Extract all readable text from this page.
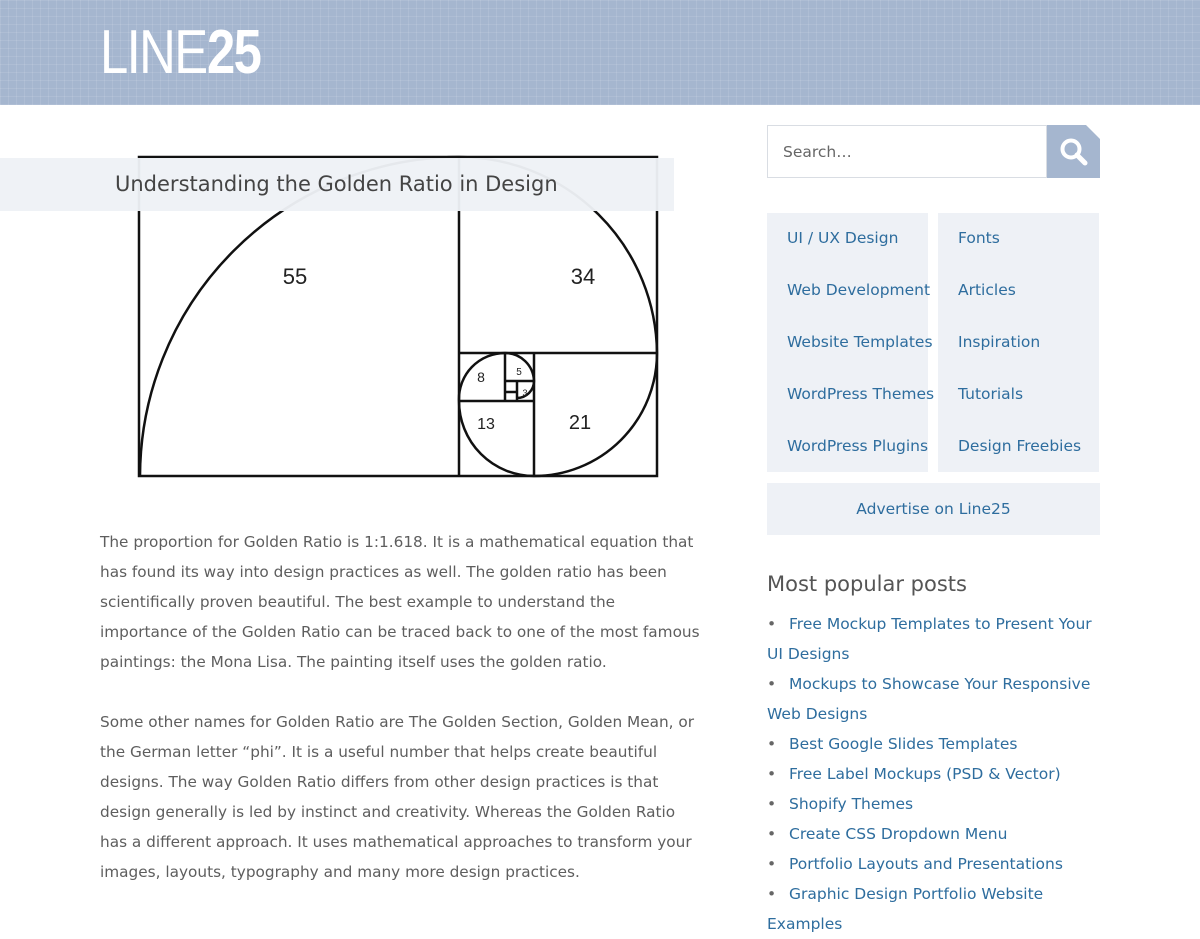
LINE25
55	34
21
13
8	5
3
Understanding the Golden Ratio in Design

The proportion for Golden Ratio is 1:1.618. It is a mathematical equation that has found its way into design practices as well. The golden ratio has been scientifically proven beautiful. The best example to understand the importance of the Golden Ratio can be traced back to one of the most famous paintings: the Mona Lisa. The painting itself uses the golden ratio.

Some other names for Golden Ratio are The Golden Section, Golden Mean, or the German letter “phi”. It is a useful number that helps create beautiful designs. The way Golden Ratio differs from other design practices is that design generally is led by instinct and creativity. Whereas the Golden Ratio has a different approach. It uses mathematical approaches to transform your images, layouts, typography and many more design practices.

Search…
UI / UX Design
Web Development
Website Templates
WordPress Themes
WordPress Plugins
Fonts
Articles
Inspiration
Tutorials
Design Freebies
Advertise on Line25
Most popular posts
• Free Mockup Templates to Present Your UI Designs
• Mockups to Showcase Your Responsive Web Designs
• Best Google Slides Templates
• Free Label Mockups (PSD & Vector)
• Shopify Themes
• Create CSS Dropdown Menu
• Portfolio Layouts and Presentations
• Graphic Design Portfolio Website Examples
